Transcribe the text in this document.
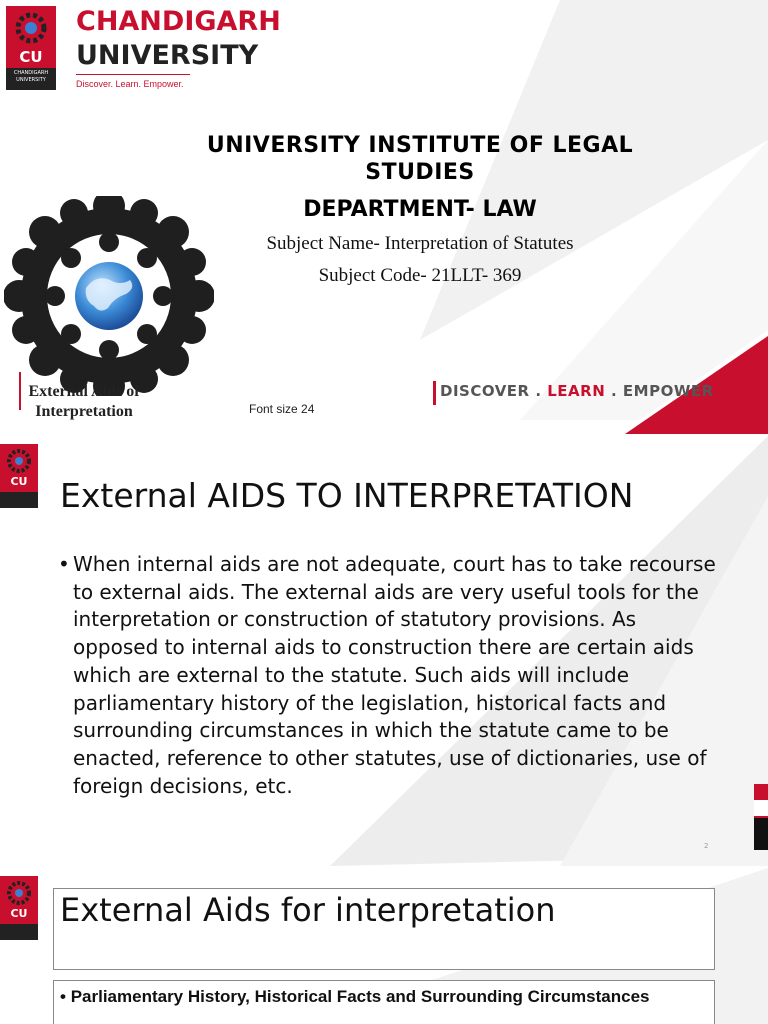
CU
CHANDIGARH UNIVERSITY
CHANDIGARH
UNIVERSITY
Discover. Learn. Empower.
UNIVERSITY INSTITUTE OF LEGAL STUDIES
DEPARTMENT- LAW
Subject Name- Interpretation of Statutes
Subject Code- 21LLT- 369
External Aids of Interpretation	Font size 24
DISCOVER . LEARN . EMPOWER
CU External AIDS TO INTERPRETATION
• When internal aids are not adequate, court has to take recourse to external aids. The external aids are very useful tools for the interpretation or construction of statutory provisions. As opposed to internal aids to construction there are certain aids which are external to the statute. Such aids will include parliamentary history of the legislation, historical facts and surrounding circumstances in which the statute came to be enacted, reference to other statutes, use of dictionaries, use of foreign decisions, etc.
2
CU	External Aids for interpretation
• Parliamentary History, Historical Facts and Surrounding Circumstances
